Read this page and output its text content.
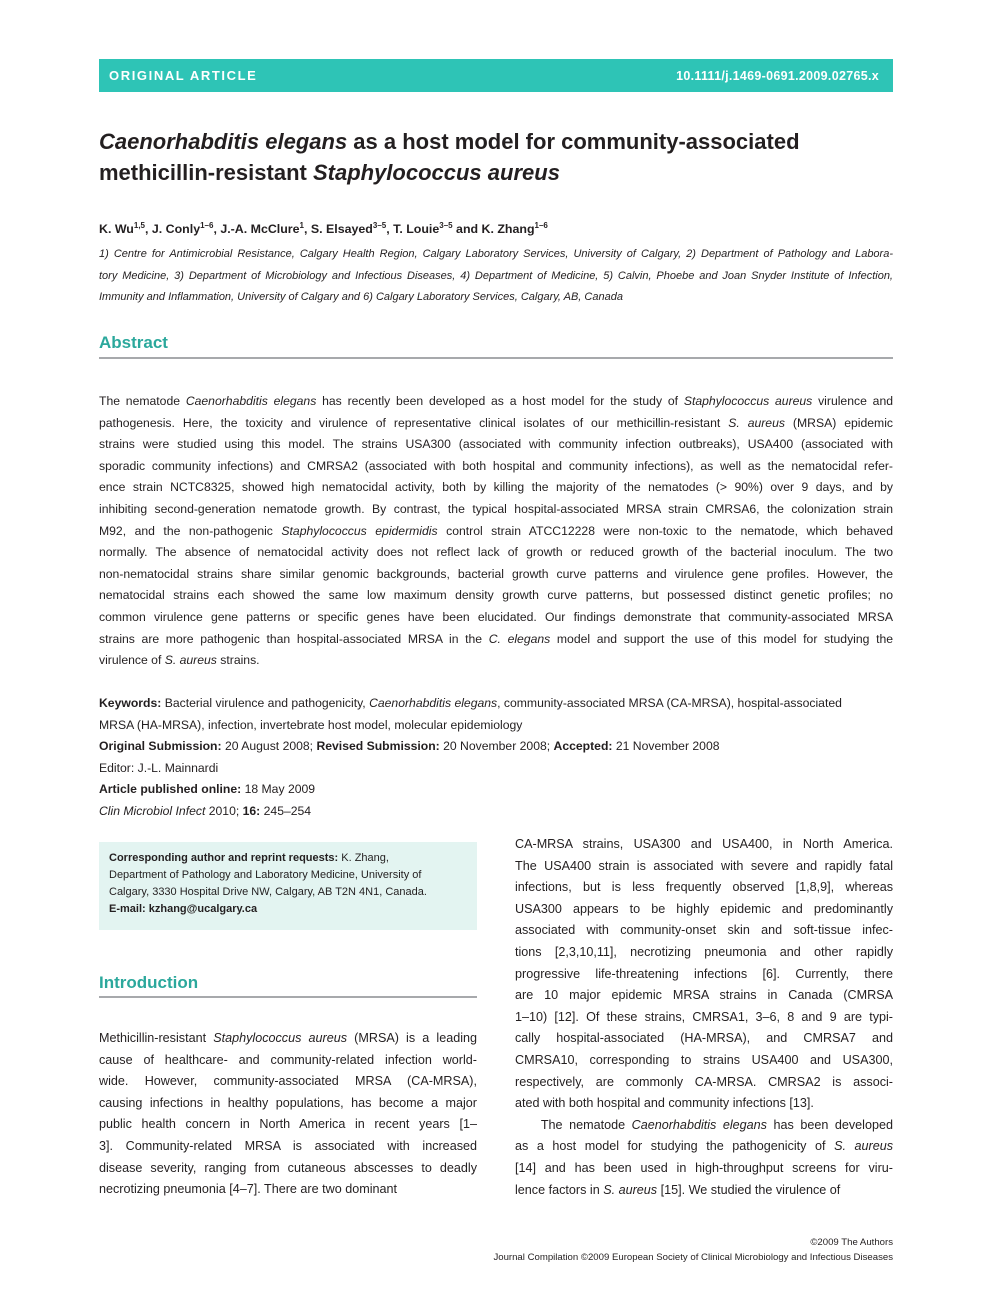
ORIGINAL ARTICLE	10.1111/j.1469-0691.2009.02765.x
Caenorhabditis elegans as a host model for community-associated
methicillin-resistant Staphylococcus aureus
K. Wu$^{1,5}$, J. Conly$^{1-6}$, J.-A. McClure$^1$, S. Elsayed$^{3-5}$, T. Louie$^{3-5}$ and K. Zhang$^{1-6}$
1) Centre for Antimicrobial Resistance, Calgary Health Region, Calgary Laboratory Services, University of Calgary, 2) Department of Pathology and Labora-
tory Medicine, 3) Department of Microbiology and Infectious Diseases, 4) Department of Medicine, 5) Calvin, Phoebe and Joan Snyder Institute of Infection,
Immunity and Inflammation, University of Calgary and 6) Calgary Laboratory Services, Calgary, AB, Canada
Abstract
The nematode Caenorhabditis elegans has recently been developed as a host model for the study of Staphylococcus aureus virulence and
pathogenesis. Here, the toxicity and virulence of representative clinical isolates of our methicillin-resistant S. aureus (MRSA) epidemic
strains were studied using this model. The strains USA300 (associated with community infection outbreaks), USA400 (associated with
sporadic community infections) and CMRSA2 (associated with both hospital and community infections), as well as the nematocidal refer-
ence strain NCTC8325, showed high nematocidal activity, both by killing the majority of the nematodes (> 90%) over 9 days, and by
inhibiting second-generation nematode growth. By contrast, the typical hospital-associated MRSA strain CMRSA6, the colonization strain
M92, and the non-pathogenic Staphylococcus epidermidis control strain ATCC12228 were non-toxic to the nematode, which behaved
normally. The absence of nematocidal activity does not reflect lack of growth or reduced growth of the bacterial inoculum. The two
non-nematocidal strains share similar genomic backgrounds, bacterial growth curve patterns and virulence gene profiles. However, the
nematocidal strains each showed the same low maximum density growth curve patterns, but possessed distinct genetic profiles; no
common virulence gene patterns or specific genes have been elucidated. Our findings demonstrate that community-associated MRSA
strains are more pathogenic than hospital-associated MRSA in the C. elegans model and support the use of this model for studying the
virulence of S. aureus strains.
Keywords: Bacterial virulence and pathogenicity, Caenorhabditis elegans, community-associated MRSA (CA-MRSA), hospital-associated
MRSA (HA-MRSA), infection, invertebrate host model, molecular epidemiology
Original Submission: 20 August 2008; Revised Submission: 20 November 2008; Accepted: 21 November 2008
Editor: J.-L. Mainnardi
Article published online: 18 May 2009
Clin Microbiol Infect 2010; 16: 245–254
Corresponding author and reprint requests: K. Zhang,
Department of Pathology and Laboratory Medicine, University of
Calgary, 3330 Hospital Drive NW, Calgary, AB T2N 4N1, Canada.
E-mail: kzhang@ucalgary.ca
Introduction
Methicillin-resistant Staphylococcus aureus (MRSA) is a leading
cause of healthcare- and community-related infection world-
wide. However, community-associated MRSA (CA-MRSA),
causing infections in healthy populations, has become a major
public health concern in North America in recent years [1–
3]. Community-related MRSA is associated with increased
disease severity, ranging from cutaneous abscesses to deadly
necrotizing pneumonia [4–7]. There are two dominant
CA-MRSA strains, USA300 and USA400, in North America.
The USA400 strain is associated with severe and rapidly fatal
infections, but is less frequently observed [1,8,9], whereas
USA300 appears to be highly epidemic and predominantly
associated with community-onset skin and soft-tissue infec-
tions [2,3,10,11], necrotizing pneumonia and other rapidly
progressive life-threatening infections [6]. Currently, there
are 10 major epidemic MRSA strains in Canada (CMRSA
1–10) [12]. Of these strains, CMRSA1, 3–6, 8 and 9 are typi-
cally hospital-associated (HA-MRSA), and CMRSA7 and
CMRSA10, corresponding to strains USA400 and USA300,
respectively, are commonly CA-MRSA. CMRSA2 is associ-
ated with both hospital and community infections [13].
The nematode Caenorhabditis elegans has been developed
as a host model for studying the pathogenicity of S. aureus
[14] and has been used in high-throughput screens for viru-
lence factors in S. aureus [15]. We studied the virulence of
©2009 The Authors
Journal Compilation ©2009 European Society of Clinical Microbiology and Infectious Diseases
